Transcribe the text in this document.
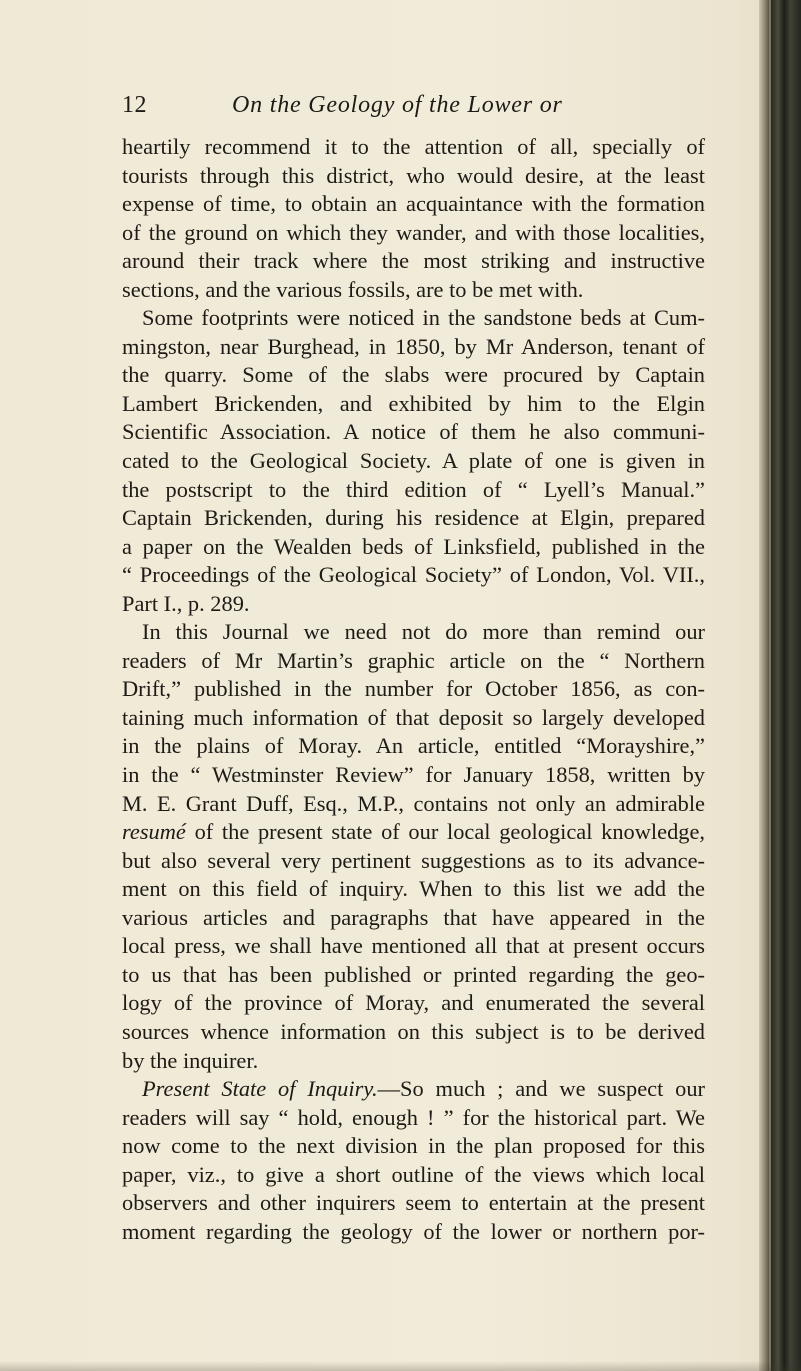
12	On the Geology of the Lower or
heartily recommend it to the attention of all, specially of
tourists through this district, who would desire, at the least
expense of time, to obtain an acquaintance with the formation
of the ground on which they wander, and with those localities,
around their track where the most striking and instructive
sections, and the various fossils, are to be met with.
Some footprints were noticed in the sandstone beds at Cum-
mingston, near Burghead, in 1850, by Mr Anderson, tenant of
the quarry. Some of the slabs were procured by Captain
Lambert Brickenden, and exhibited by him to the Elgin
Scientific Association. A notice of them he also communi-
cated to the Geological Society. A plate of one is given in
the postscript to the third edition of “ Lyell’s Manual.”
Captain Brickenden, during his residence at Elgin, prepared
a paper on the Wealden beds of Linksfield, published in the
“ Proceedings of the Geological Society” of London, Vol. VII.,
Part I., p. 289.
In this Journal we need not do more than remind our
readers of Mr Martin’s graphic article on the “ Northern
Drift,” published in the number for October 1856, as con-
taining much information of that deposit so largely developed
in the plains of Moray. An article, entitled “Morayshire,”
in the “ Westminster Review” for January 1858, written by
M. E. Grant Duff, Esq., M.P., contains not only an admirable
resumé of the present state of our local geological knowledge,
but also several very pertinent suggestions as to its advance-
ment on this field of inquiry. When to this list we add the
various articles and paragraphs that have appeared in the
local press, we shall have mentioned all that at present occurs
to us that has been published or printed regarding the geo-
logy of the province of Moray, and enumerated the several
sources whence information on this subject is to be derived
by the inquirer.
Present State of Inquiry.—So much ; and we suspect our
readers will say “ hold, enough ! ” for the historical part. We
now come to the next division in the plan proposed for this
paper, viz., to give a short outline of the views which local
observers and other inquirers seem to entertain at the present
moment regarding the geology of the lower or northern por-
